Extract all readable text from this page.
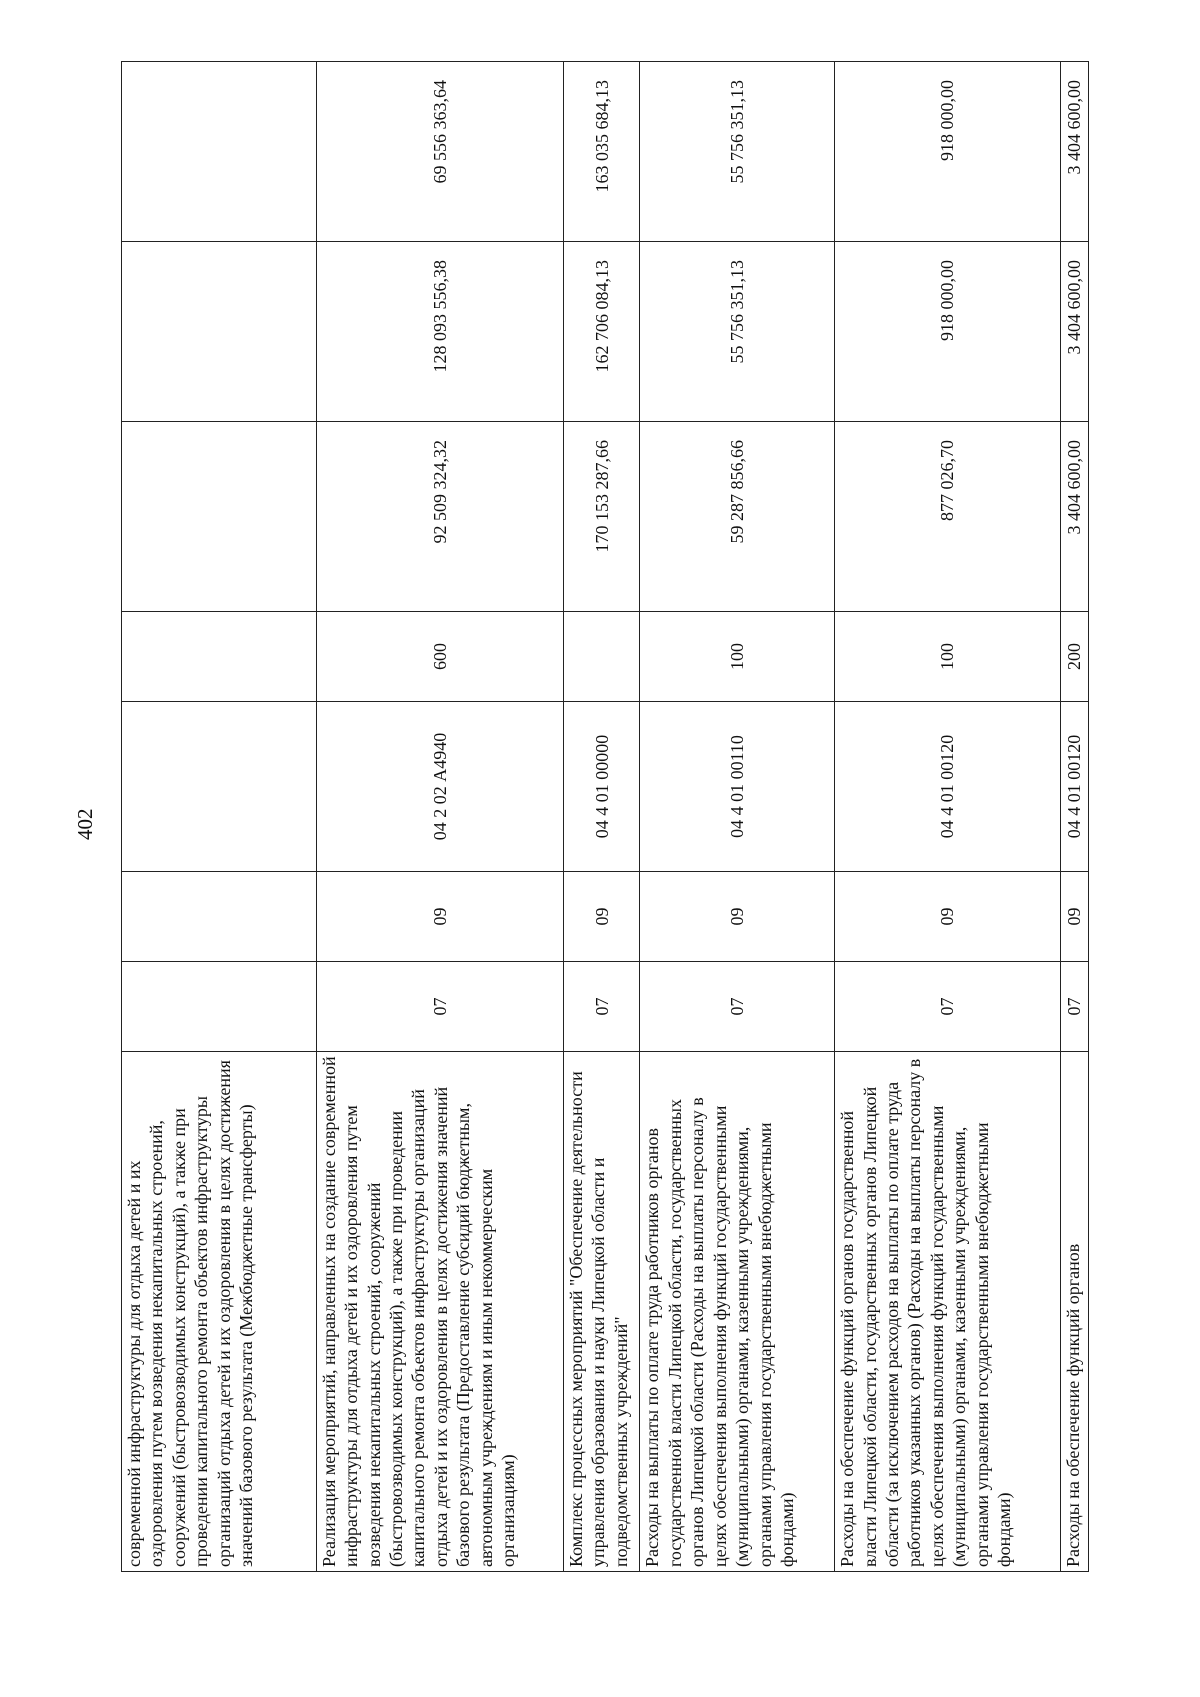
402
современной инфраструктуры для отдыха детей и их оздоровления путем возведения некапитальных строений, сооружений (быстровозводимых конструкций), а также при проведении капитального ремонта объектов инфраструктуры организаций отдыха детей и их оздоровления в целях достижения значений базового результата (Межбюджетные трансферты)							
Реализация мероприятий, направленных на создание современной инфраструктуры для отдыха детей и их оздоровления путем возведения некапитальных строений, сооружений (быстровозводимых конструкций), а также при проведении капитального ремонта объектов инфраструктуры организаций отдыха детей и их оздоровления в целях достижения значений базового результата (Предоставление субсидий бюджетным, автономным учреждениям и иным некоммерческим организациям)	07	09	04 2 02 А4940	600	92 509 324,32	128 093 556,38	69 556 363,64
Комплекс процессных мероприятий "Обеспечение деятельности управления образования и науки Липецкой области и подведомственных учреждений"	07	09	04 4 01 00000		170 153 287,66	162 706 084,13	163 035 684,13
Расходы на выплаты по оплате труда работников органов государственной власти Липецкой области, государственных органов Липецкой области (Расходы на выплаты персоналу в целях обеспечения выполнения функций государственными (муниципальными) органами, казенными учреждениями, органами управления государственными внебюджетными фондами)	07	09	04 4 01 00110	100	59 287 856,66	55 756 351,13	55 756 351,13
Расходы на обеспечение функций органов государственной власти Липецкой области, государственных органов Липецкой области (за исключением расходов на выплаты по оплате труда работников указанных органов) (Расходы на выплаты персоналу в целях обеспечения выполнения функций государственными (муниципальными) органами, казенными учреждениями, органами управления государственными внебюджетными фондами)	07	09	04 4 01 00120	100	877 026,70	918 000,00	918 000,00
Расходы на обеспечение функций органов	07	09	04 4 01 00120	200	3 404 600,00	3 404 600,00	3 404 600,00
